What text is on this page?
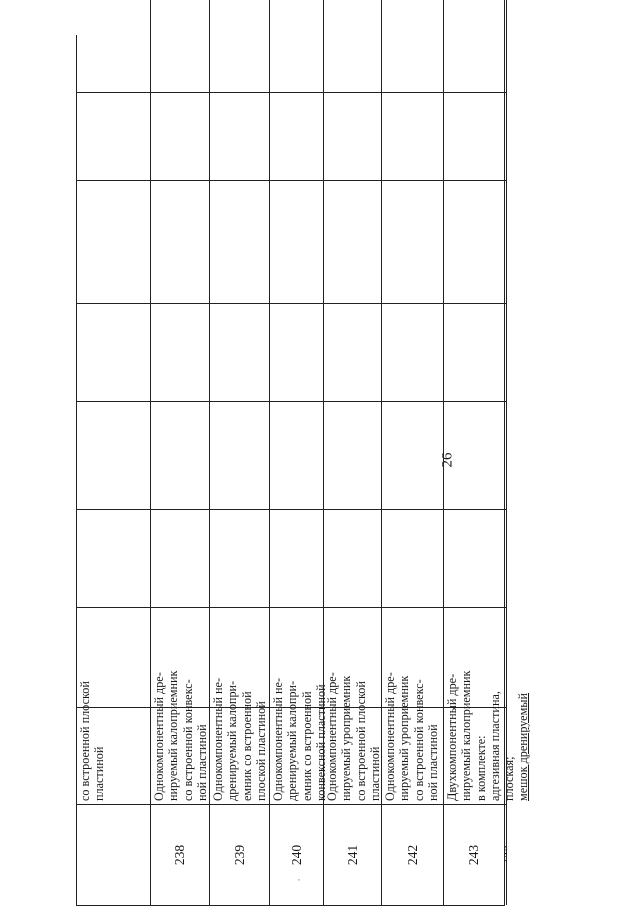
26
,
со встроенной плоской пластиной
238
Однокомпонентный дре- нируемый калоприемник со встроенной конвекс- ной пластиной
239
Однокомпонентный не- дренируемый калопри- емник со встроенной плоской пластиной
240
Однокомпонентный не- дренируемый калопри- емник со встроенной конвексной пластиной
241
Однокомпонентный дре- нируемый уроприемник со встроенной плоской пластиной
242
Однокомпонентный дре- нируемый уроприемник со встроенной конвекс- ной пластиной
243
Двухкомпонентный дре- нируемый калоприемник в комплекте: адгезивная пластина, плоская; мешок дренируемый
244
